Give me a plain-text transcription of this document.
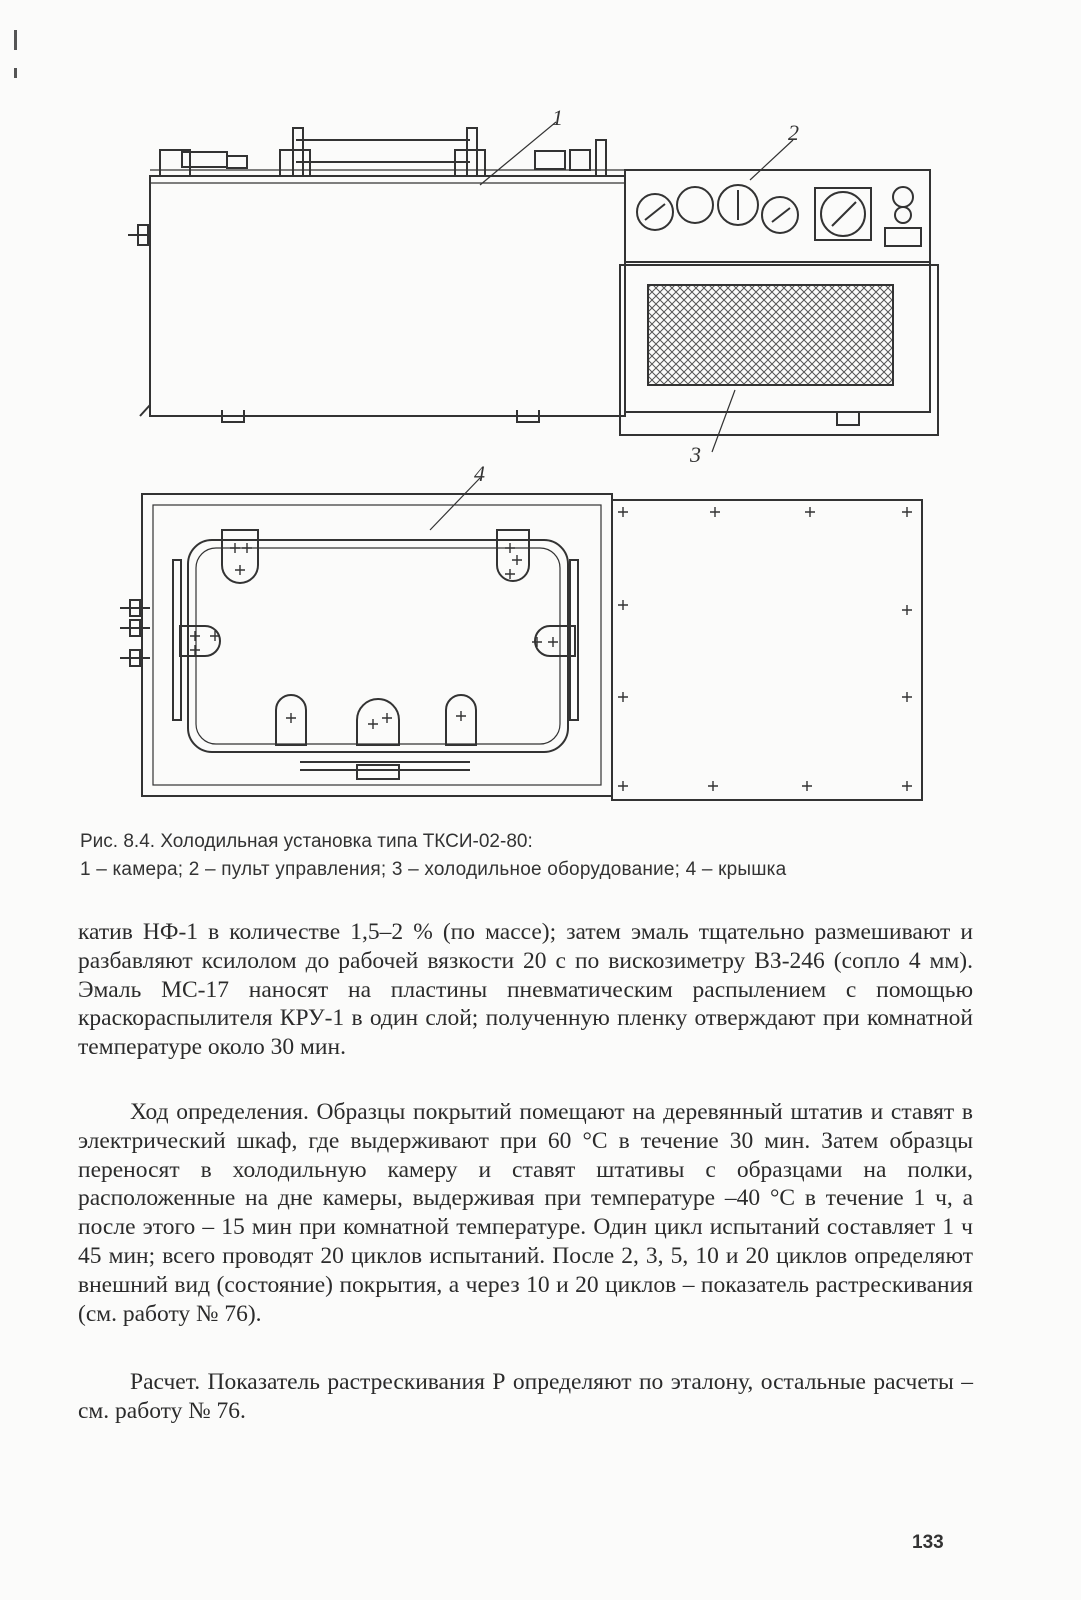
1
2
3
4
Рис. 8.4. Холодильная установка типа ТКСИ-02-80:
1 – камера; 2 – пульт управления; 3 – холодильное оборудование; 4 – крышка

катив НФ-1 в количестве 1,5–2 % (по массе); затем эмаль тщательно размешивают и разбавляют ксилолом до рабочей вязкости 20 с по вискозиметру ВЗ-246 (сопло 4 мм). Эмаль МС-17 наносят на пластины пневматическим распылением с помощью краскораспылителя КРУ-1 в один слой; полученную пленку отверждают при комнатной температуре около 30 мин.

Ход определения. Образцы покрытий помещают на деревянный штатив и ставят в электрический шкаф, где выдерживают при 60 °С в течение 30 мин. Затем образцы переносят в холодильную камеру и ставят штативы с образцами на полки, расположенные на дне камеры, выдерживая при температуре –40 °С в течение 1 ч, а после этого – 15 мин при комнатной температуре. Один цикл испытаний составляет 1 ч 45 мин; всего проводят 20 циклов испытаний. После 2, 3, 5, 10 и 20 циклов определяют внешний вид (состояние) покрытия, а через 10 и 20 циклов – показатель растрескивания (см. работу № 76).

Расчет. Показатель растрескивания Р определяют по эталону, остальные расчеты – см. работу № 76.

133
